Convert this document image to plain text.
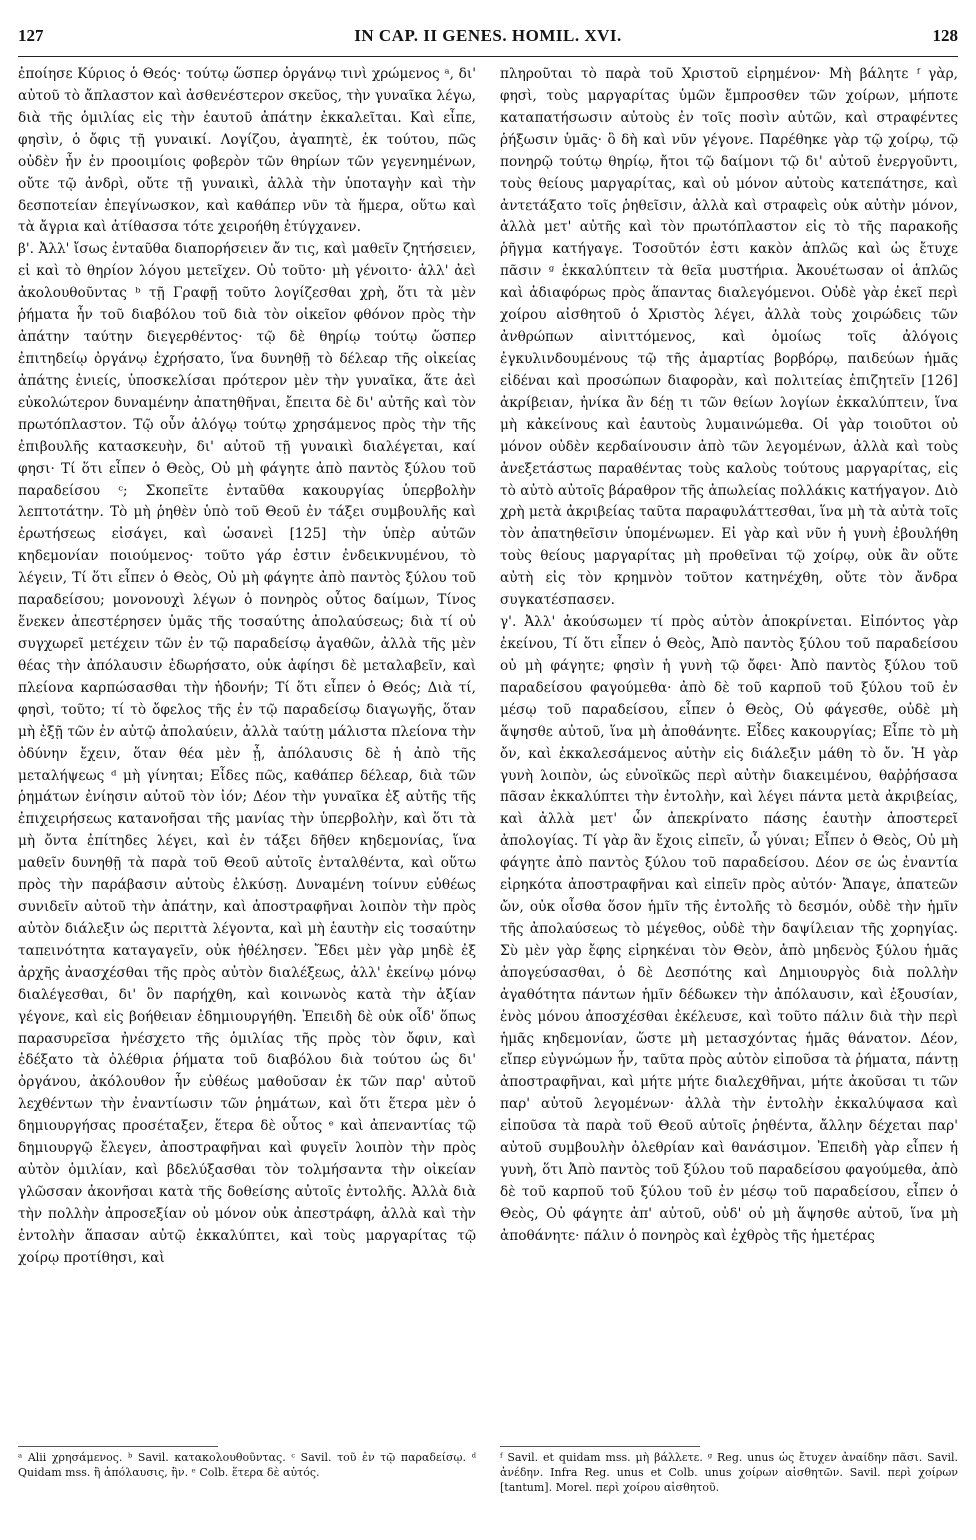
127	IN CAP. II GENES. HOMIL. XVI.	128

ἐποίησε Κύριος ὁ Θεός· τούτῳ ὥσπερ ὀργάνῳ τινὶ χρώμενος ᵃ, δι' αὐτοῦ τὸ ἄπλαστον καὶ ἀσθενέστερον σκεῦος, τὴν γυναῖκα λέγω, διὰ τῆς ὁμιλίας εἰς τὴν ἑαυτοῦ ἀπάτην ἐκκαλεῖται. Καὶ εἶπε, φησὶν, ὁ ὄφις τῇ γυναικί. Λογίζου, ἀγαπητὲ, ἐκ τούτου, πῶς οὐδὲν ἦν ἐν προοιμίοις φοβερὸν τῶν θηρίων τῶν γεγενημένων, οὔτε τῷ ἀνδρὶ, οὔτε τῇ γυναικὶ, ἀλλὰ τὴν ὑποταγὴν καὶ τὴν δεσποτείαν ἐπεγίνωσκον, καὶ καθάπερ νῦν τὰ ἥμερα, οὕτω καὶ τὰ ἄγρια καὶ ἀτίθασσα τότε χειροήθη ἐτύγχανεν.

β'. Ἀλλ' ἴσως ἐνταῦθα διαπορήσειεν ἄν τις, καὶ μαθεῖν ζητήσειεν, εἰ καὶ τὸ θηρίον λόγου μετεῖχεν. Οὐ τοῦτο· μὴ γένοιτο· ἀλλ' ἀεὶ ἀκολουθοῦντας ᵇ τῇ Γραφῇ τοῦτο λογίζεσθαι χρὴ, ὅτι τὰ μὲν ῥήματα ἦν τοῦ διαβόλου τοῦ διὰ τὸν οἰκεῖον φθόνον πρὸς τὴν ἀπάτην ταύτην διεγερθέντος· τῷ δὲ θηρίῳ τούτῳ ὥσπερ ἐπιτηδείῳ ὀργάνῳ ἐχρήσατο, ἵνα δυνηθῇ τὸ δέλεαρ τῆς οἰκείας ἀπάτης ἐνιείς, ὑποσκελίσαι πρότερον μὲν τὴν γυναῖκα, ἅτε ἀεὶ εὐκολώτερον δυναμένην ἀπατηθῆναι, ἔπειτα δὲ δι' αὐτῆς καὶ τὸν πρωτόπλαστον. Τῷ οὖν ἀλόγῳ τούτῳ χρησάμενος πρὸς τὴν τῆς ἐπιβουλῆς κατασκευὴν, δι' αὐτοῦ τῇ γυναικὶ διαλέγεται, καί φησι· Τί ὅτι εἶπεν ὁ Θεὸς, Οὐ μὴ φάγητε ἀπὸ παντὸς ξύλου τοῦ παραδείσου ᶜ; Σκοπεῖτε ἐνταῦθα κακουργίας ὑπερβολὴν λεπτοτάτην. Τὸ μὴ ῥηθὲν ὑπὸ τοῦ Θεοῦ ἐν τάξει συμβουλῆς καὶ ἐρωτήσεως εἰσάγει, καὶ ὡσανεὶ [125] τὴν ὑπὲρ αὐτῶν κηδεμονίαν ποιούμενος· τοῦτο γάρ ἐστιν ἐνδεικνυμένου, τὸ λέγειν, Τί ὅτι εἶπεν ὁ Θεὸς, Οὐ μὴ φάγητε ἀπὸ παντὸς ξύλου τοῦ παραδείσου; μονονουχὶ λέγων ὁ πονηρὸς οὗτος δαίμων, Τίνος ἕνεκεν ἀπεστέρησεν ὑμᾶς τῆς τοσαύτης ἀπολαύσεως; διὰ τί οὐ συγχωρεῖ μετέχειν τῶν ἐν τῷ παραδείσῳ ἀγαθῶν, ἀλλὰ τῆς μὲν θέας τὴν ἀπόλαυσιν ἐδωρήσατο, οὐκ ἀφίησι δὲ μεταλαβεῖν, καὶ πλείονα καρπώσασθαι τὴν ἡδονήν; Τί ὅτι εἶπεν ὁ Θεός; Διὰ τί, φησὶ, τοῦτο; τί τὸ ὄφελος τῆς ἐν τῷ παραδείσῳ διαγωγῆς, ὅταν μὴ ἐξῇ τῶν ἐν αὐτῷ ἀπολαύειν, ἀλλὰ ταύτῃ μάλιστα πλείονα τὴν ὀδύνην ἔχειν, ὅταν θέα μὲν ᾖ, ἀπόλαυσις δὲ ἡ ἀπὸ τῆς μεταλήψεως ᵈ μὴ γίνηται; Εἶδες πῶς, καθάπερ δέλεαρ, διὰ τῶν ῥημάτων ἐνίησιν αὐτοῦ τὸν ἰόν; Δέον τὴν γυναῖκα ἐξ αὐτῆς τῆς ἐπιχειρήσεως κατανοῆσαι τῆς μανίας τὴν ὑπερβολὴν, καὶ ὅτι τὰ μὴ ὄντα ἐπίτηδες λέγει, καὶ ἐν τάξει δῆθεν κηδεμονίας, ἵνα μαθεῖν δυνηθῇ τὰ παρὰ τοῦ Θεοῦ αὐτοῖς ἐνταλθέντα, καὶ οὕτω πρὸς τὴν παράβασιν αὐτοὺς ἑλκύσῃ. Δυναμένη τοίνυν εὐθέως συνιδεῖν αὐτοῦ τὴν ἀπάτην, καὶ ἀποστραφῆναι λοιπὸν τὴν πρὸς αὐτὸν διάλεξιν ὡς περιττὰ λέγοντα, καὶ μὴ ἑαυτὴν εἰς τοσαύτην ταπεινότητα καταγαγεῖν, οὐκ ἠθέλησεν. Ἔδει μὲν γὰρ μηδὲ ἐξ ἀρχῆς ἀνασχέσθαι τῆς πρὸς αὐτὸν διαλέξεως, ἀλλ' ἐκείνῳ μόνῳ διαλέγεσθαι, δι' ὃν παρήχθη, καὶ κοινωνὸς κατὰ τὴν ἀξίαν γέγονε, καὶ εἰς βοήθειαν ἐδημιουργήθη. Ἐπειδὴ δὲ οὐκ οἶδ' ὅπως παρασυρεῖσα ἠνέσχετο τῆς ὁμιλίας τῆς πρὸς τὸν ὄφιν, καὶ ἐδέξατο τὰ ὀλέθρια ῥήματα τοῦ διαβόλου διὰ τούτου ὡς δι' ὀργάνου, ἀκόλουθον ἦν εὐθέως μαθοῦσαν ἐκ τῶν παρ' αὐτοῦ λεχθέντων τὴν ἐναντίωσιν τῶν ῥημάτων, καὶ ὅτι ἕτερα μὲν ὁ δημιουργήσας προσέταξεν, ἕτερα δὲ οὗτος ᵉ καὶ ἀπεναντίας τῷ δημιουργῷ ἔλεγεν, ἀποστραφῆναι καὶ φυγεῖν λοιπὸν τὴν πρὸς αὐτὸν ὁμιλίαν, καὶ βδελύξασθαι τὸν τολμήσαντα τὴν οἰκείαν γλῶσσαν ἀκονῆσαι κατὰ τῆς δοθείσης αὐτοῖς ἐντολῆς. Ἀλλὰ διὰ τὴν πολλὴν ἀπροσεξίαν οὐ μόνον οὐκ ἀπεστράφη, ἀλλὰ καὶ τὴν ἐντολὴν ἅπασαν αὐτῷ ἐκκαλύπτει, καὶ τοὺς μαργαρίτας τῷ χοίρῳ προτίθησι, καὶ

πληροῦται τὸ παρὰ τοῦ Χριστοῦ εἰρημένον· Μὴ βάλητε ᶠ γὰρ, φησὶ, τοὺς μαργαρίτας ὑμῶν ἔμπροσθεν τῶν χοίρων, μήποτε καταπατήσωσιν αὐτοὺς ἐν τοῖς ποσὶν αὐτῶν, καὶ στραφέντες ῥήξωσιν ὑμᾶς· ὃ δὴ καὶ νῦν γέγονε. Παρέθηκε γὰρ τῷ χοίρῳ, τῷ πονηρῷ τούτῳ θηρίῳ, ἤτοι τῷ δαίμονι τῷ δι' αὐτοῦ ἐνεργοῦντι, τοὺς θείους μαργαρίτας, καὶ οὐ μόνον αὐτοὺς κατεπάτησε, καὶ ἀντετάξατο τοῖς ῥηθεῖσιν, ἀλλὰ καὶ στραφεὶς οὐκ αὐτὴν μόνον, ἀλλὰ μετ' αὐτῆς καὶ τὸν πρωτόπλαστον εἰς τὸ τῆς παρακοῆς ῥῆγμα κατήγαγε. Τοσοῦτόν ἐστι κακὸν ἁπλῶς καὶ ὡς ἔτυχε πᾶσιν ᵍ ἐκκαλύπτειν τὰ θεῖα μυστήρια. Ἀκουέτωσαν οἱ ἁπλῶς καὶ ἀδιαφόρως πρὸς ἅπαντας διαλεγόμενοι. Οὐδὲ γὰρ ἐκεῖ περὶ χοίρου αἰσθητοῦ ὁ Χριστὸς λέγει, ἀλλὰ τοὺς χοιρώδεις τῶν ἀνθρώπων αἰνιττόμενος, καὶ ὁμοίως τοῖς ἀλόγοις ἐγκυλινδουμένους τῷ τῆς ἁμαρτίας βορβόρῳ, παιδεύων ἡμᾶς εἰδέναι καὶ προσώπων διαφορὰν, καὶ πολιτείας ἐπιζητεῖν [126] ἀκρίβειαν, ἠνίκα ἂν δέῃ τι τῶν θείων λογίων ἐκκαλύπτειν, ἵνα μὴ κἀκείνους καὶ ἑαυτοὺς λυμαινώμεθα. Οἱ γὰρ τοιοῦτοι οὐ μόνον οὐδὲν κερδαίνουσιν ἀπὸ τῶν λεγομένων, ἀλλὰ καὶ τοὺς ἀνεξετάστως παραθέντας τοὺς καλοὺς τούτους μαργαρίτας, εἰς τὸ αὐτὸ αὐτοῖς βάραθρον τῆς ἀπωλείας πολλάκις κατήγαγον. Διὸ χρὴ μετὰ ἀκριβείας ταῦτα παραφυλάττεσθαι, ἵνα μὴ τὰ αὐτὰ τοῖς τὸν ἀπατηθεῖσιν ὑπομένωμεν. Εἰ γὰρ καὶ νῦν ἡ γυνὴ ἐβουλήθη τοὺς θείους μαργαρίτας μὴ προθεῖναι τῷ χοίρῳ, οὐκ ἂν οὔτε αὐτὴ εἰς τὸν κρημνὸν τοῦτον κατηνέχθη, οὔτε τὸν ἄνδρα συγκατέσπασεν.

γ'. Ἀλλ' ἀκούσωμεν τί πρὸς αὐτὸν ἀποκρίνεται. Εἰπόντος γὰρ ἐκείνου, Τί ὅτι εἶπεν ὁ Θεὸς, Ἀπὸ παντὸς ξύλου τοῦ παραδείσου οὐ μὴ φάγητε; φησὶν ἡ γυνὴ τῷ ὄφει· Ἀπὸ παντὸς ξύλου τοῦ παραδείσου φαγούμεθα· ἀπὸ δὲ τοῦ καρποῦ τοῦ ξύλου τοῦ ἐν μέσῳ τοῦ παραδείσου, εἶπεν ὁ Θεὸς, Οὐ φάγεσθε, οὐδὲ μὴ ἅψησθε αὐτοῦ, ἵνα μὴ ἀποθάνητε. Εἶδες κακουργίας; Εἶπε τὸ μὴ ὄν, καὶ ἐκκαλεσάμενος αὐτὴν εἰς διάλεξιν μάθη τὸ ὄν. Ἡ γὰρ γυνὴ λοιπὸν, ὡς εὐνοϊκῶς περὶ αὐτὴν διακειμένου, θαῤῥήσασα πᾶσαν ἐκκαλύπτει τὴν ἐντολὴν, καὶ λέγει πάντα μετὰ ἀκριβείας, καὶ ἀλλὰ μετ' ὧν ἀπεκρίνατο πάσης ἑαυτὴν ἀποστερεῖ ἀπολογίας. Τί γὰρ ἂν ἔχοις εἰπεῖν, ὦ γύναι; Εἶπεν ὁ Θεὸς, Οὐ μὴ φάγητε ἀπὸ παντὸς ξύλου τοῦ παραδείσου. Δέον σε ὡς ἐναντία εἰρηκότα ἀποστραφῆναι καὶ εἰπεῖν πρὸς αὐτόν· Ἄπαγε, ἀπατεῶν ὤν, οὐκ οἶσθα ὅσον ἡμῖν τῆς ἐντολῆς τὸ δεσμόν, οὐδὲ τὴν ἡμῖν τῆς ἀπολαύσεως τὸ μέγεθος, οὐδὲ τὴν δαψίλειαν τῆς χορηγίας. Σὺ μὲν γὰρ ἔφης εἰρηκέναι τὸν Θεὸν, ἀπὸ μηδενὸς ξύλου ἡμᾶς ἀπογεύσασθαι, ὁ δὲ Δεσπότης καὶ Δημιουργὸς διὰ πολλὴν ἀγαθότητα πάντων ἡμῖν δέδωκεν τὴν ἀπόλαυσιν, καὶ ἐξουσίαν, ἑνὸς μόνου ἀποσχέσθαι ἐκέλευσε, καὶ τοῦτο πάλιν διὰ τὴν περὶ ἡμᾶς κηδεμονίαν, ὥστε μὴ μετασχόντας ἡμᾶς θάνατον. Δέον, εἴπερ εὐγνώμων ἦν, ταῦτα πρὸς αὐτὸν εἰποῦσα τὰ ῥήματα, πάντῃ ἀποστραφῆναι, καὶ μήτε μήτε διαλεχθῆναι, μήτε ἀκοῦσαι τι τῶν παρ' αὐτοῦ λεγομένων· ἀλλὰ τὴν ἐντολὴν ἐκκαλύψασα καὶ εἰποῦσα τὰ παρὰ τοῦ Θεοῦ αὐτοῖς ῥηθέντα, ἄλλην δέχεται παρ' αὐτοῦ συμβουλὴν ὀλεθρίαν καὶ θανάσιμον. Ἐπειδὴ γὰρ εἶπεν ἡ γυνὴ, ὅτι Ἀπὸ παντὸς τοῦ ξύλου τοῦ παραδείσου φαγούμεθα, ἀπὸ δὲ τοῦ καρποῦ τοῦ ξύλου τοῦ ἐν μέσῳ τοῦ παραδείσου, εἶπεν ὁ Θεὸς, Οὐ φάγητε ἀπ' αὐτοῦ, οὐδ' οὐ μὴ ἅψησθε αὐτοῦ, ἵνα μὴ ἀποθάνητε· πάλιν ὁ πονηρὸς καὶ ἐχθρὸς τῆς ἡμετέρας

ᵃ Alii χρησάμενος. ᵇ Savil. κατακολουθοῦντας. ᶜ Savil. τοῦ ἐν τῷ παραδείσῳ. ᵈ Quidam mss. ἢ ἀπόλαυσις, ἢν. ᵉ Colb. ἕτερα δὲ αὐτός.
ᶠ Savil. et quidam mss. μὴ βάλλετε. ᵍ Reg. unus ὡς ἔτυχεν ἀναίδην πᾶσι. Savil. ἀνέδην. Infra Reg. unus et Colb. unus χοίρων αἰσθητῶν. Savil. περὶ χοίρων [tantum]. Morel. περὶ χοίρου αἰσθητοῦ.
